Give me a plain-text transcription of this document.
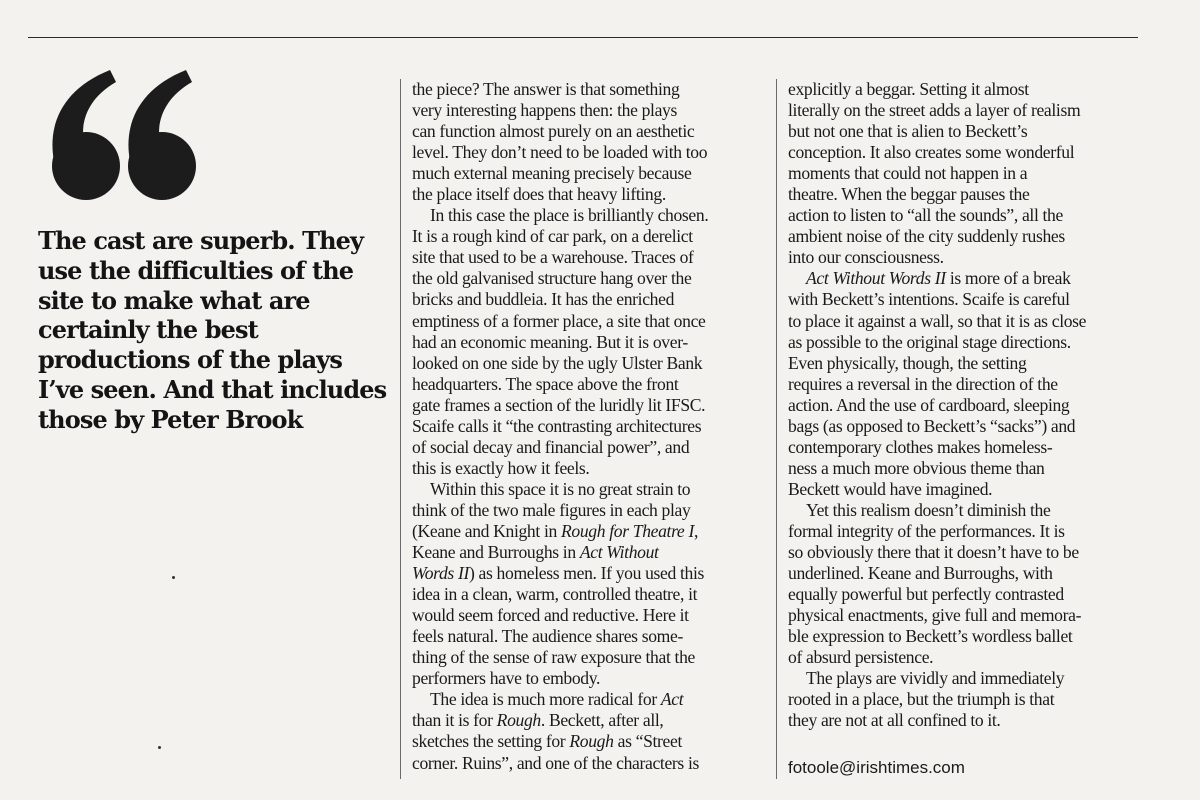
The cast are superb. They
use the difficulties of the
site to make what are
certainly the best
productions of the plays
I’ve seen. And that includes
those by Peter Brook
the piece? The answer is that something
very interesting happens then: the plays
can function almost purely on an aesthetic
level. They don’t need to be loaded with too
much external meaning precisely because
the place itself does that heavy lifting.
In this case the place is brilliantly chosen.
It is a rough kind of car park, on a derelict
site that used to be a warehouse. Traces of
the old galvanised structure hang over the
bricks and buddleia. It has the enriched
emptiness of a former place, a site that once
had an economic meaning. But it is over-
looked on one side by the ugly Ulster Bank
headquarters. The space above the front
gate frames a section of the luridly lit IFSC.
Scaife calls it “the contrasting architectures
of social decay and financial power”, and
this is exactly how it feels.
Within this space it is no great strain to
think of the two male figures in each play
(Keane and Knight in Rough for Theatre I,
Keane and Burroughs in Act Without
Words II) as homeless men. If you used this
idea in a clean, warm, controlled theatre, it
would seem forced and reductive. Here it
feels natural. The audience shares some-
thing of the sense of raw exposure that the
performers have to embody.
The idea is much more radical for Act
than it is for Rough. Beckett, after all,
sketches the setting for Rough as “Street
corner. Ruins”, and one of the characters is
explicitly a beggar. Setting it almost
literally on the street adds a layer of realism
but not one that is alien to Beckett’s
conception. It also creates some wonderful
moments that could not happen in a
theatre. When the beggar pauses the
action to listen to “all the sounds”, all the
ambient noise of the city suddenly rushes
into our consciousness.
Act Without Words II is more of a break
with Beckett’s intentions. Scaife is careful
to place it against a wall, so that it is as close
as possible to the original stage directions.
Even physically, though, the setting
requires a reversal in the direction of the
action. And the use of cardboard, sleeping
bags (as opposed to Beckett’s “sacks”) and
contemporary clothes makes homeless-
ness a much more obvious theme than
Beckett would have imagined.
Yet this realism doesn’t diminish the
formal integrity of the performances. It is
so obviously there that it doesn’t have to be
underlined. Keane and Burroughs, with
equally powerful but perfectly contrasted
physical enactments, give full and memora-
ble expression to Beckett’s wordless ballet
of absurd persistence.
The plays are vividly and immediately
rooted in a place, but the triumph is that
they are not at all confined to it.
fotoole@irishtimes.com
